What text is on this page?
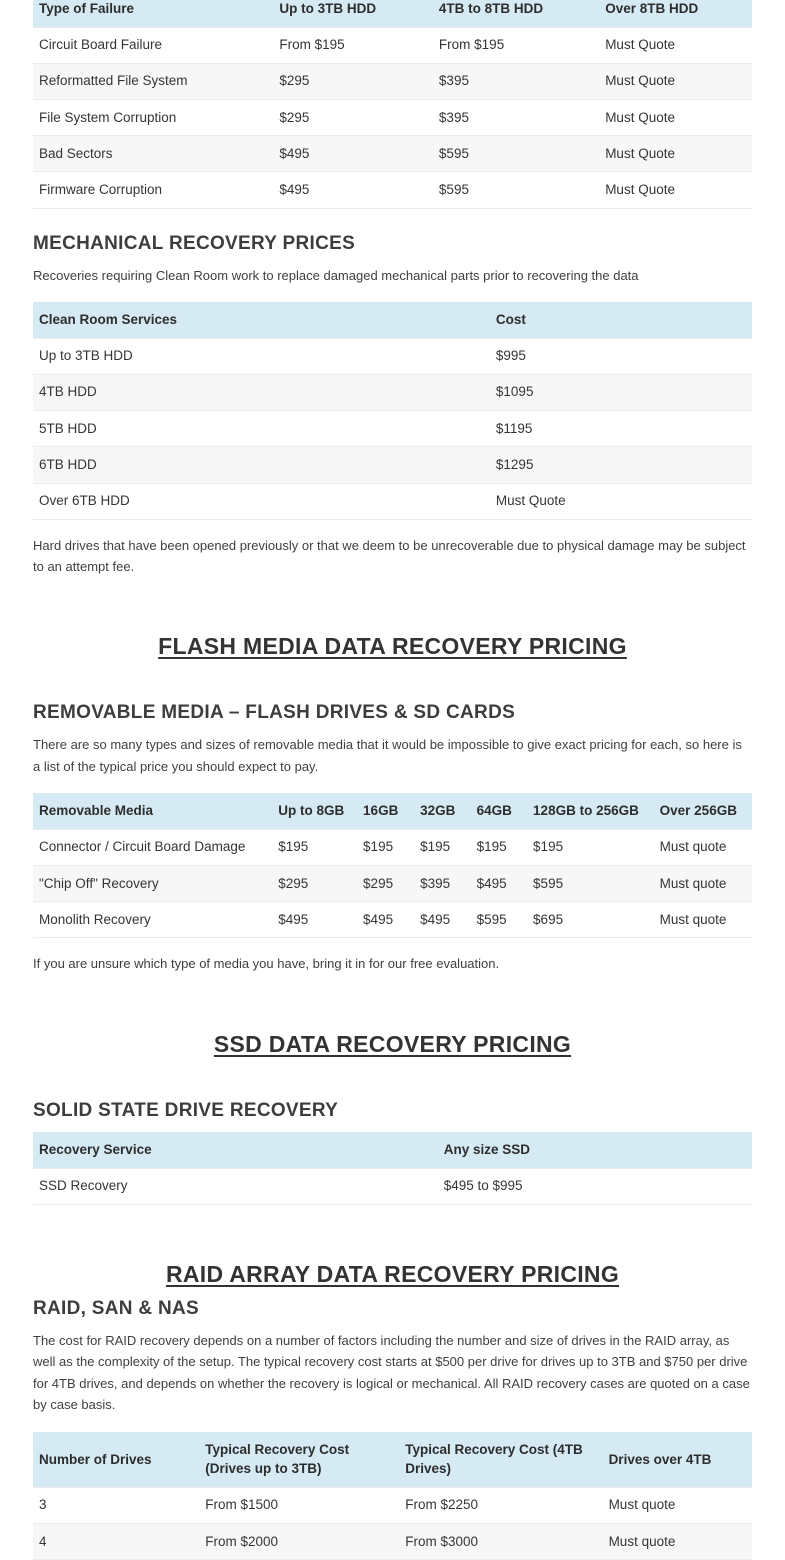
Type of Failure	Up to 3TB HDD	4TB to 8TB HDD	Over 8TB HDD
Circuit Board Failure	From $195	From $195	Must Quote
Reformatted File System	$295	$395	Must Quote
File System Corruption	$295	$395	Must Quote
Bad Sectors	$495	$595	Must Quote
Firmware Corruption	$495	$595	Must Quote
MECHANICAL RECOVERY PRICES

Recoveries requiring Clean Room work to replace damaged mechanical parts prior to recovering the data

Clean Room Services	Cost
Up to 3TB HDD	$995
4TB HDD	$1095
5TB HDD	$1195
6TB HDD	$1295
Over 6TB HDD	Must Quote

Hard drives that have been opened previously or that we deem to be unrecoverable due to physical damage may be subject to an attempt fee.

FLASH MEDIA DATA RECOVERY PRICING
REMOVABLE MEDIA – FLASH DRIVES & SD CARDS

There are so many types and sizes of removable media that it would be impossible to give exact pricing for each, so here is a list of the typical price you should expect to pay.

Removable Media	Up to 8GB	16GB	32GB	64GB	128GB to 256GB	Over 256GB
Connector / Circuit Board Damage	$195	$195	$195	$195	$195	Must quote
"Chip Off" Recovery	$295	$295	$395	$495	$595	Must quote
Monolith Recovery	$495	$495	$495	$595	$695	Must quote

If you are unsure which type of media you have, bring it in for our free evaluation.

SSD DATA RECOVERY PRICING
SOLID STATE DRIVE RECOVERY
Recovery Service	Any size SSD
SSD Recovery	$495 to $995
RAID ARRAY DATA RECOVERY PRICING
RAID, SAN & NAS

The cost for RAID recovery depends on a number of factors including the number and size of drives in the RAID array, as well as the complexity of the setup. The typical recovery cost starts at $500 per drive for drives up to 3TB and $750 per drive for 4TB drives, and depends on whether the recovery is logical or mechanical. All RAID recovery cases are quoted on a case by case basis.

Number of Drives	Typical Recovery Cost (Drives up to 3TB)	Typical Recovery Cost (4TB Drives)	Drives over 4TB
3	From $1500	From $2250	Must quote
4	From $2000	From $3000	Must quote
